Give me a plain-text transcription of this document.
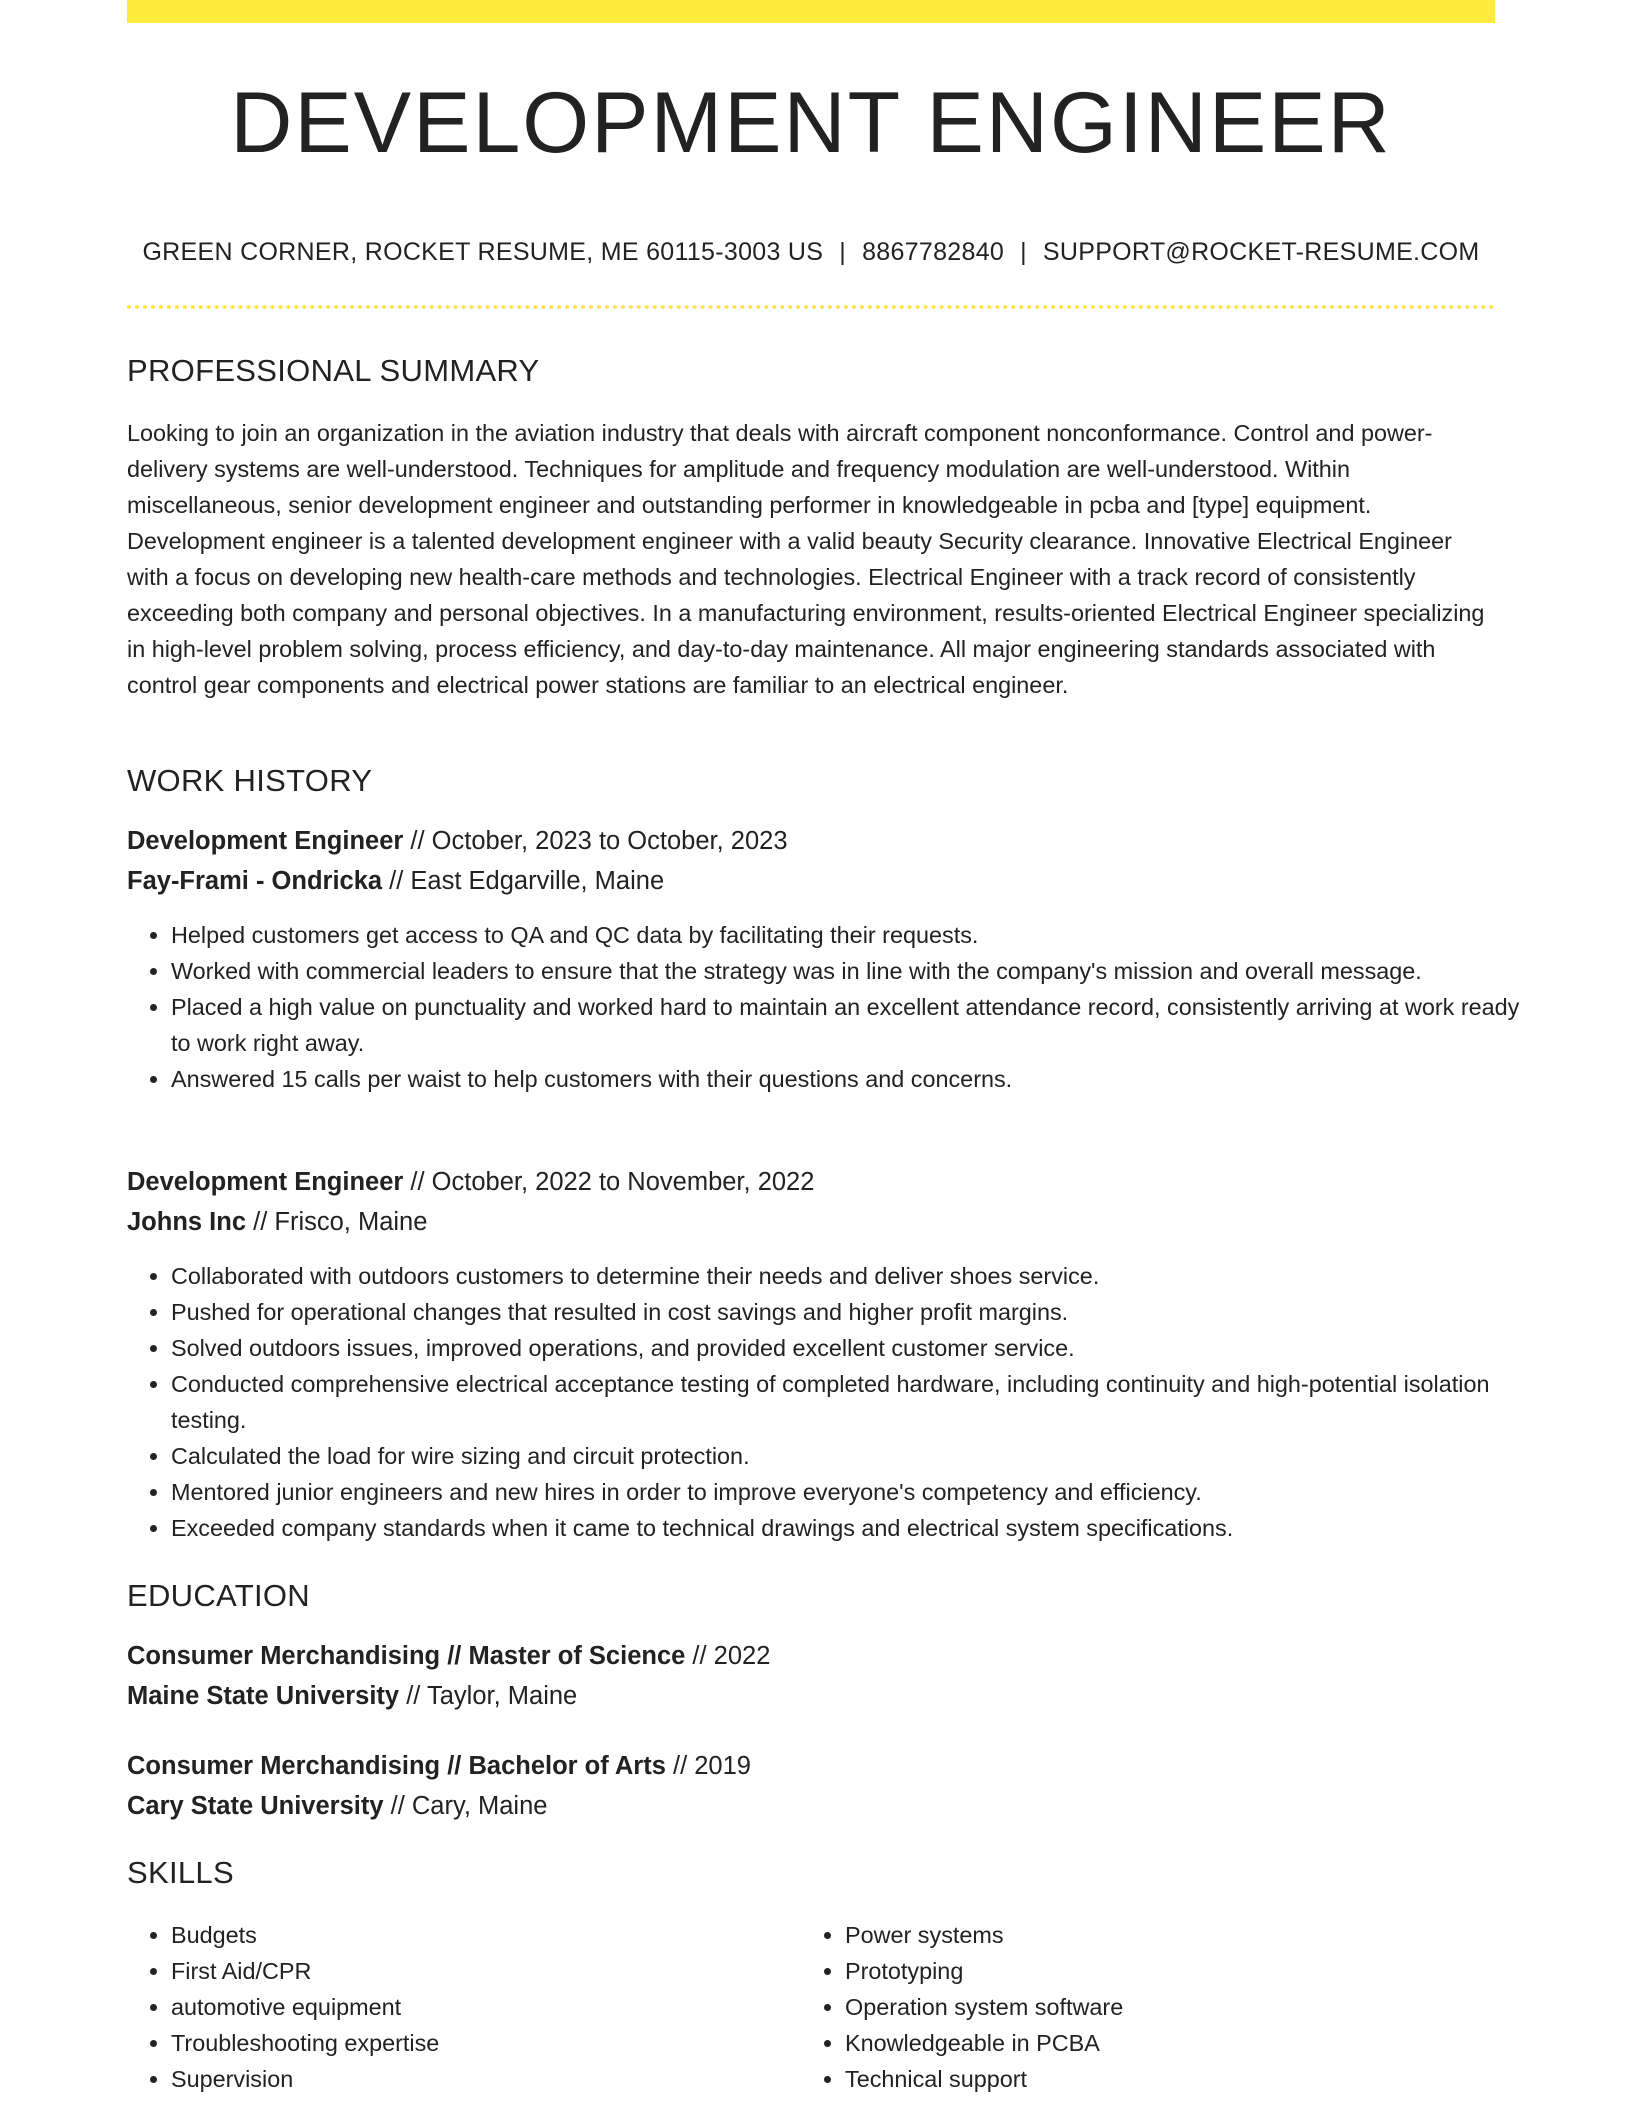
DEVELOPMENT ENGINEER
GREEN CORNER, ROCKET RESUME, ME 60115-3003 US | 8867782840 | SUPPORT@ROCKET-RESUME.COM
PROFESSIONAL SUMMARY

Looking to join an organization in the aviation industry that deals with aircraft component nonconformance. Control and power-delivery systems are well-understood. Techniques for amplitude and frequency modulation are well-understood. Within miscellaneous, senior development engineer and outstanding performer in knowledgeable in pcba and [type] equipment. Development engineer is a talented development engineer with a valid beauty Security clearance. Innovative Electrical Engineer with a focus on developing new health-care methods and technologies. Electrical Engineer with a track record of consistently exceeding both company and personal objectives. In a manufacturing environment, results-oriented Electrical Engineer specializing in high-level problem solving, process efficiency, and day-to-day maintenance. All major engineering standards associated with control gear components and electrical power stations are familiar to an electrical engineer.

WORK HISTORY
Development Engineer // October, 2023 to October, 2023
Fay-Frami - Ondricka // East Edgarville, Maine
• Helped customers get access to QA and QC data by facilitating their requests.
• Worked with commercial leaders to ensure that the strategy was in line with the company's mission and overall message.
• Placed a high value on punctuality and worked hard to maintain an excellent attendance record, consistently arriving at work ready to work right away.
• Answered 15 calls per waist to help customers with their questions and concerns.
Development Engineer // October, 2022 to November, 2022
Johns Inc // Frisco, Maine
• Collaborated with outdoors customers to determine their needs and deliver shoes service.
• Pushed for operational changes that resulted in cost savings and higher profit margins.
• Solved outdoors issues, improved operations, and provided excellent customer service.
• Conducted comprehensive electrical acceptance testing of completed hardware, including continuity and high-potential isolation testing.
• Calculated the load for wire sizing and circuit protection.
• Mentored junior engineers and new hires in order to improve everyone's competency and efficiency.
• Exceeded company standards when it came to technical drawings and electrical system specifications.
EDUCATION
Consumer Merchandising // Master of Science // 2022
Maine State University // Taylor, Maine
Consumer Merchandising // Bachelor of Arts // 2019
Cary State University // Cary, Maine
SKILLS
• Budgets
• First Aid/CPR
• automotive equipment
• Troubleshooting expertise
• Supervision
• Power systems
• Prototyping
• Operation system software
• Knowledgeable in PCBA
• Technical support
